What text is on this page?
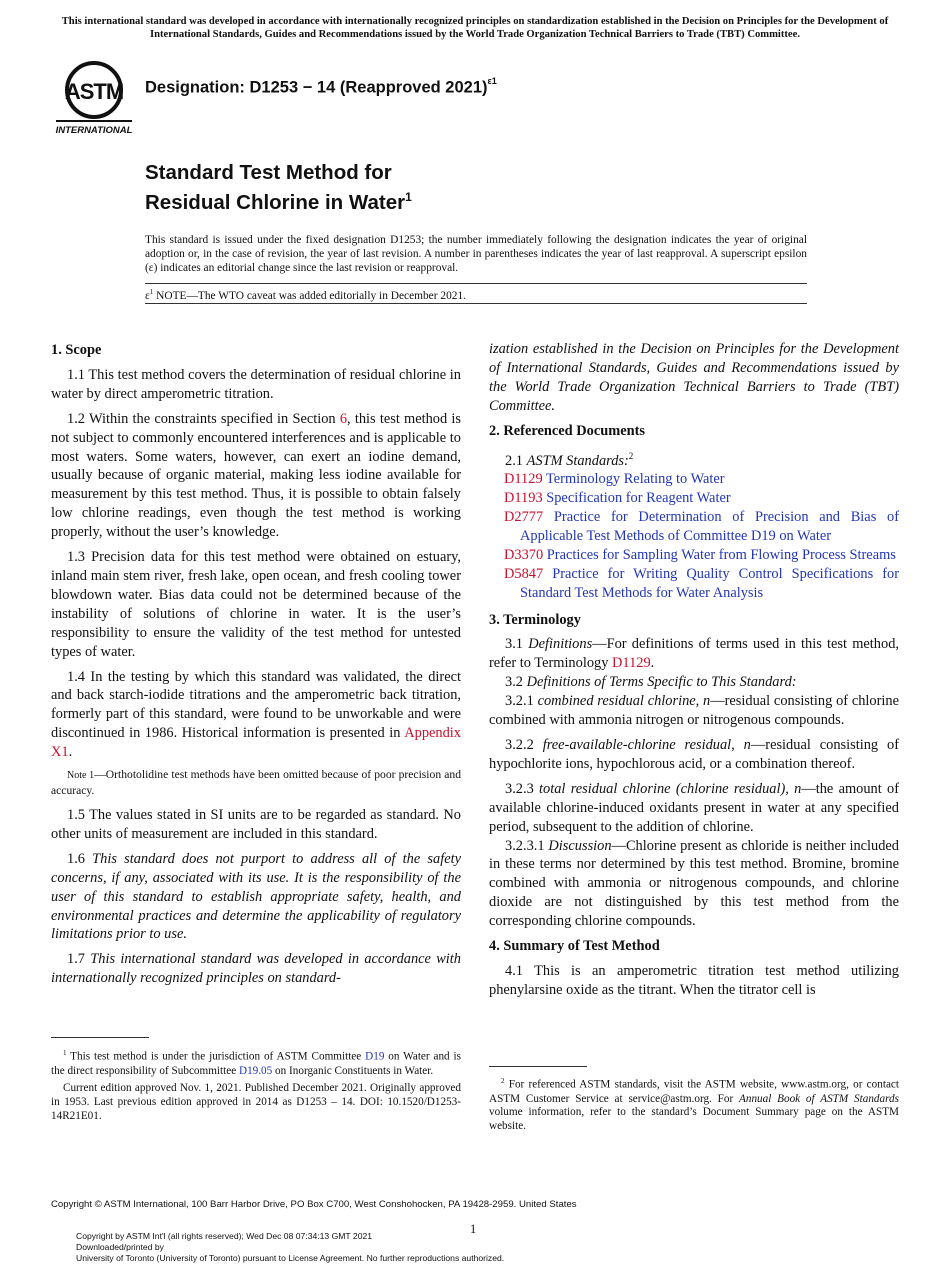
This international standard was developed in accordance with internationally recognized principles on standardization established in the Decision on Principles for the Development of International Standards, Guides and Recommendations issued by the World Trade Organization Technical Barriers to Trade (TBT) Committee.
ASTM
INTERNATIONAL
Designation: D1253 − 14 (Reapproved 2021)$^{\varepsilon 1}$
Standard Test Method for
Residual Chlorine in Water$^1$
This standard is issued under the fixed designation D1253; the number immediately following the designation indicates the year of original adoption or, in the case of revision, the year of last revision. A number in parentheses indicates the year of last reapproval. A superscript epsilon (ε) indicates an editorial change since the last revision or reapproval.
$\varepsilon^1$ NOTE—The WTO caveat was added editorially in December 2021.
1. Scope

1.1 This test method covers the determination of residual chlorine in water by direct amperometric titration.

1.2 Within the constraints specified in Section 6, this test method is not subject to commonly encountered interferences and is applicable to most waters. Some waters, however, can exert an iodine demand, usually because of organic material, making less iodine available for measurement by this test method. Thus, it is possible to obtain falsely low chlorine readings, even though the test method is working properly, without the user’s knowledge.

1.3 Precision data for this test method were obtained on estuary, inland main stem river, fresh lake, open ocean, and fresh cooling tower blowdown water. Bias data could not be determined because of the instability of solutions of chlorine in water. It is the user’s responsibility to ensure the validity of the test method for untested types of water.

1.4 In the testing by which this standard was validated, the direct and back starch-iodide titrations and the amperometric back titration, formerly part of this standard, were found to be unworkable and were discontinued in 1986. Historical information is presented in Appendix X1.

Note 1—Orthotolidine test methods have been omitted because of poor precision and accuracy.

1.5 The values stated in SI units are to be regarded as standard. No other units of measurement are included in this standard.

1.6 This standard does not purport to address all of the safety concerns, if any, associated with its use. It is the responsibility of the user of this standard to establish appropriate safety, health, and environmental practices and determine the applicability of regulatory limitations prior to use.

1.7 This international standard was developed in accordance with internationally recognized principles on standard-

$^1$ This test method is under the jurisdiction of ASTM Committee D19 on Water and is the direct responsibility of Subcommittee D19.05 on Inorganic Constituents in Water.

Current edition approved Nov. 1, 2021. Published December 2021. Originally approved in 1953. Last previous edition approved in 2014 as D1253 – 14. DOI: 10.1520/D1253-14R21E01.

ization established in the Decision on Principles for the Development of International Standards, Guides and Recommendations issued by the World Trade Organization Technical Barriers to Trade (TBT) Committee.

2. Referenced Documents

2.1 ASTM Standards:$^2$

D1129 Terminology Relating to Water
D1193 Specification for Reagent Water
D2777 Practice for Determination of Precision and Bias of Applicable Test Methods of Committee D19 on Water
D3370 Practices for Sampling Water from Flowing Process Streams
D5847 Practice for Writing Quality Control Specifications for Standard Test Methods for Water Analysis
3. Terminology

3.1 Definitions—For definitions of terms used in this test method, refer to Terminology D1129.

3.2 Definitions of Terms Specific to This Standard:

3.2.1 combined residual chlorine, n—residual consisting of chlorine combined with ammonia nitrogen or nitrogenous compounds.

3.2.2 free-available-chlorine residual, n—residual consisting of hypochlorite ions, hypochlorous acid, or a combination thereof.

3.2.3 total residual chlorine (chlorine residual), n—the amount of available chlorine-induced oxidants present in water at any specified period, subsequent to the addition of chlorine.

3.2.3.1 Discussion—Chlorine present as chloride is neither included in these terms nor determined by this test method. Bromine, bromine combined with ammonia or nitrogenous compounds, and chlorine dioxide are not distinguished by this test method from the corresponding chlorine compounds.

4. Summary of Test Method

4.1 This is an amperometric titration test method utilizing phenylarsine oxide as the titrant. When the titrator cell is

$^2$ For referenced ASTM standards, visit the ASTM website, www.astm.org, or contact ASTM Customer Service at service@astm.org. For Annual Book of ASTM Standards volume information, refer to the standard’s Document Summary page on the ASTM website.

Copyright © ASTM International, 100 Barr Harbor Drive, PO Box C700, West Conshohocken, PA 19428-2959. United States
1
Copyright by ASTM Int'l (all rights reserved); Wed Dec 08 07:34:13 GMT 2021
Downloaded/printed by
University of Toronto (University of Toronto) pursuant to License Agreement. No further reproductions authorized.
